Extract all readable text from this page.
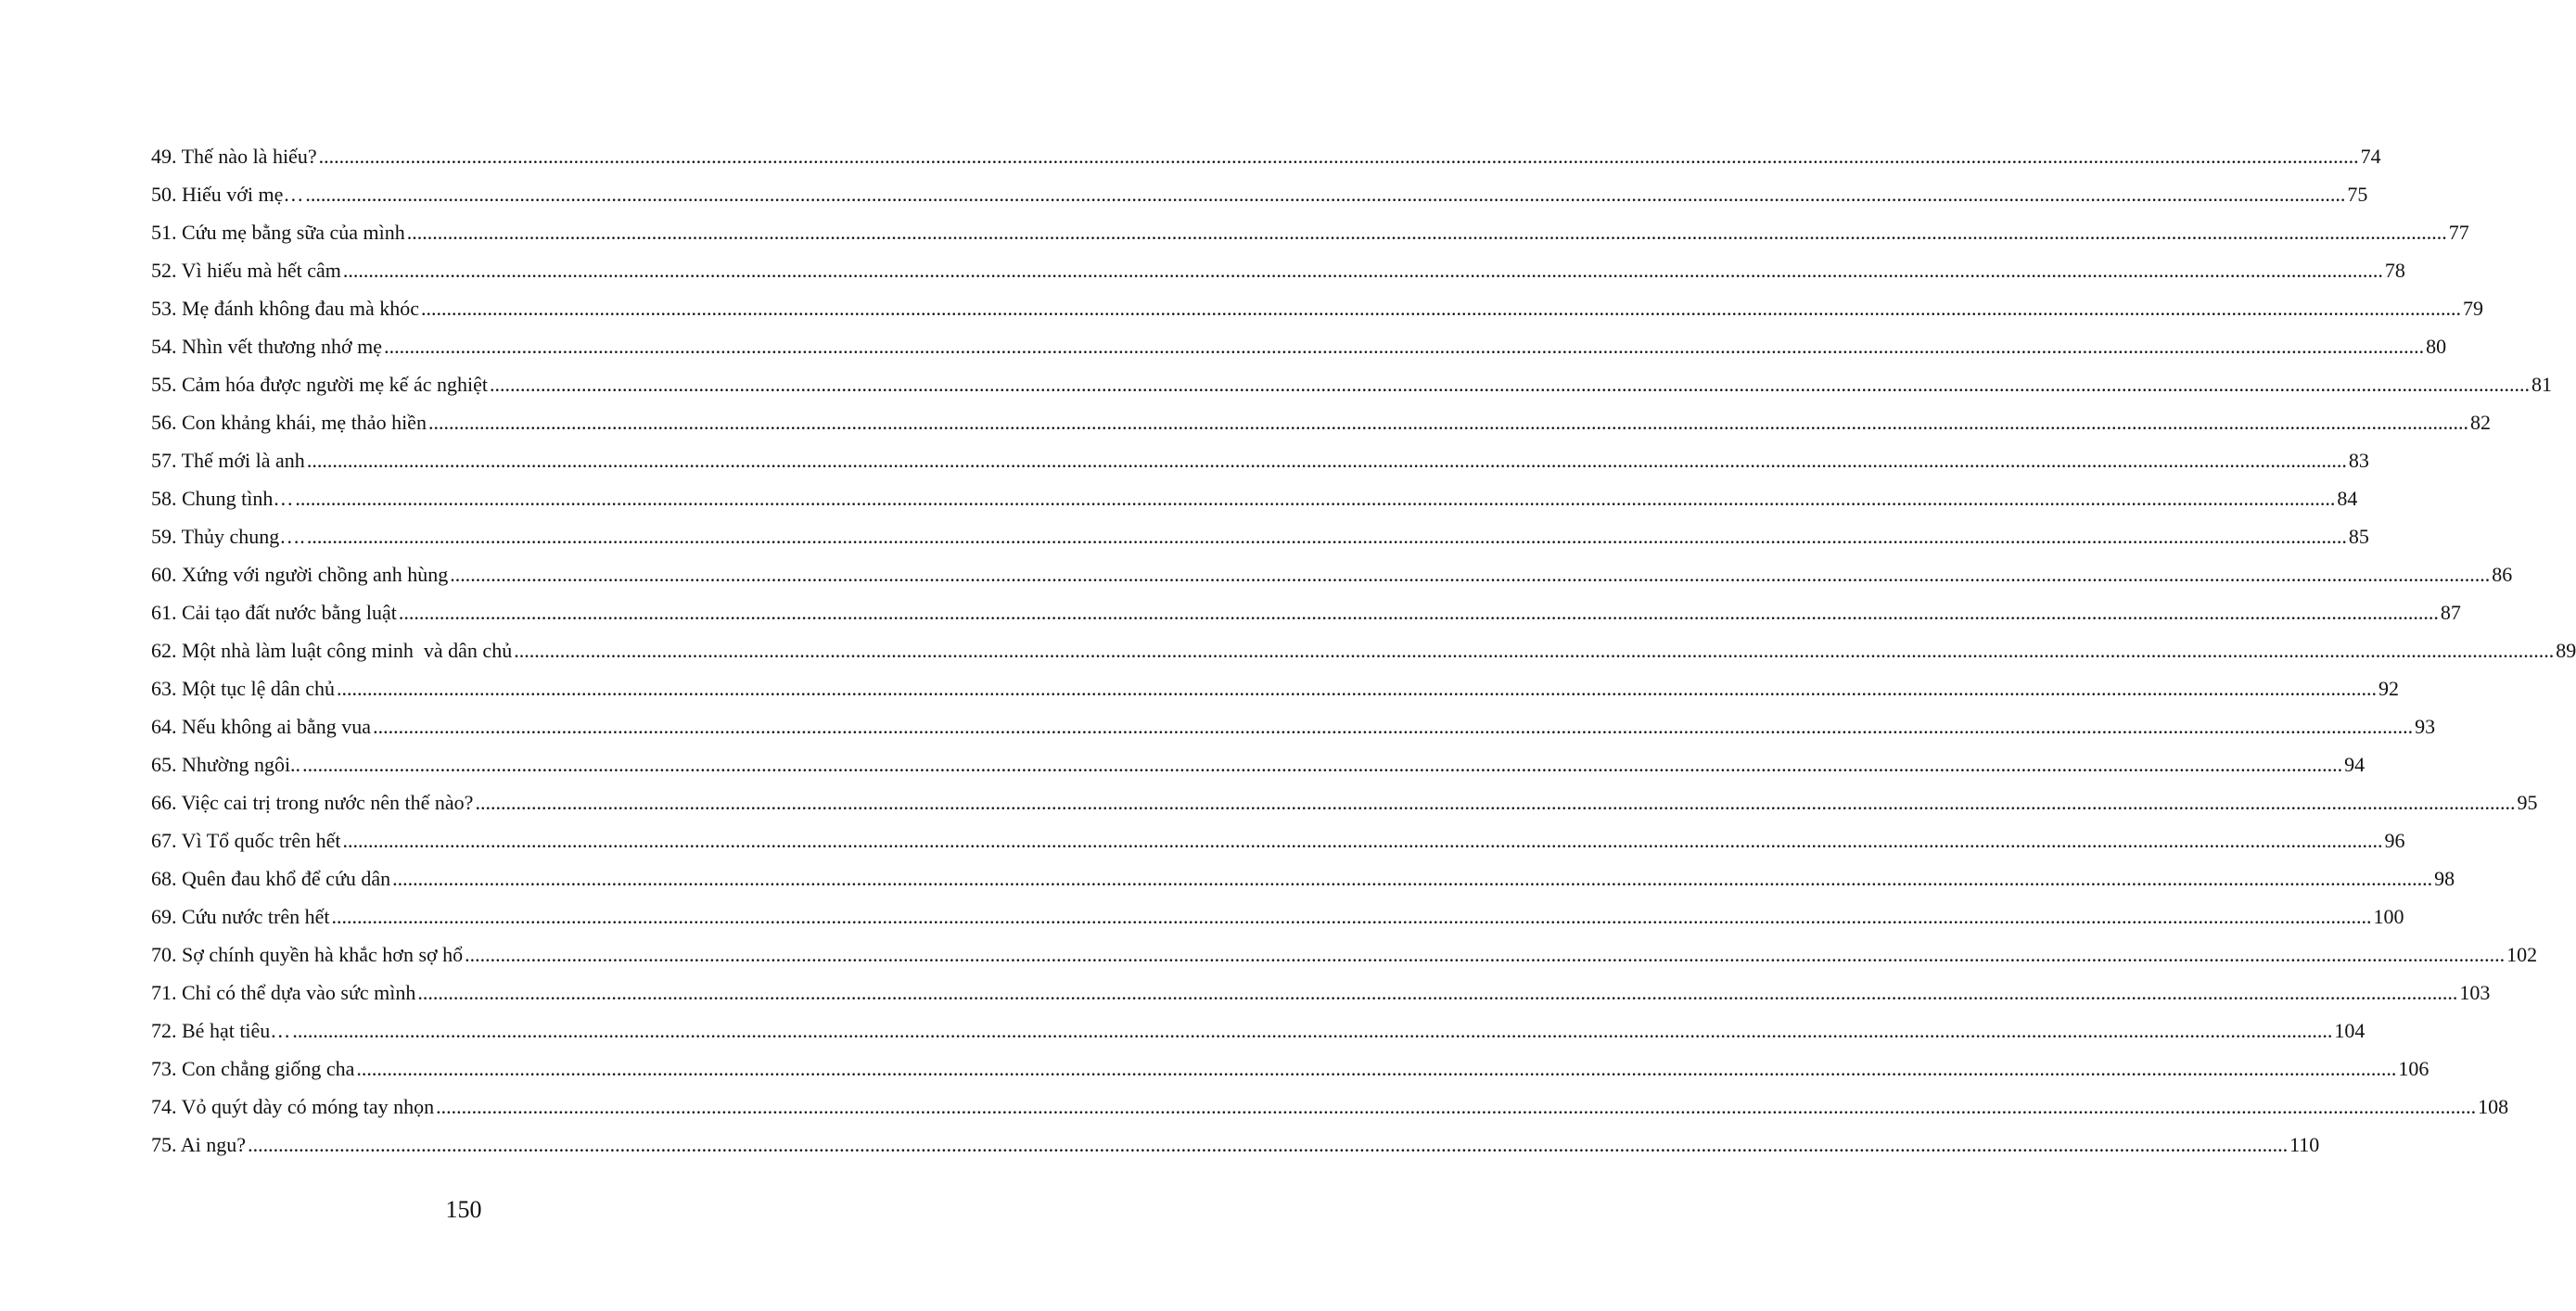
49. Thế nào là hiếu? ................................................................................................................................................................................................................................................................................................................................................................................................................ 74
50. Hiếu với mẹ… ................................................................................................................................................................................................................................................................................................................................................................................................................ 75
51. Cứu mẹ bằng sữa của mình ................................................................................................................................................................................................................................................................................................................................................................................................................ 77
52. Vì hiếu mà hết câm ................................................................................................................................................................................................................................................................................................................................................................................................................ 78
53. Mẹ đánh không đau mà khóc ................................................................................................................................................................................................................................................................................................................................................................................................................ 79
54. Nhìn vết thương nhớ mẹ ................................................................................................................................................................................................................................................................................................................................................................................................................ 80
55. Cảm hóa được người mẹ kế ác nghiệt ................................................................................................................................................................................................................................................................................................................................................................................................................ 81
56. Con khảng khái, mẹ thảo hiền ................................................................................................................................................................................................................................................................................................................................................................................................................ 82
57. Thế mới là anh ................................................................................................................................................................................................................................................................................................................................................................................................................ 83
58. Chung tình… ................................................................................................................................................................................................................................................................................................................................................................................................................ 84
59. Thủy chung…. ................................................................................................................................................................................................................................................................................................................................................................................................................ 85
60. Xứng với người chồng anh hùng ................................................................................................................................................................................................................................................................................................................................................................................................................ 86
61. Cải tạo đất nước bằng luật ................................................................................................................................................................................................................................................................................................................................................................................................................ 87
62. Một nhà làm luật công minh  và dân chủ ................................................................................................................................................................................................................................................................................................................................................................................................................ 89
63. Một tục lệ dân chủ ................................................................................................................................................................................................................................................................................................................................................................................................................ 92
64. Nếu không ai bằng vua ................................................................................................................................................................................................................................................................................................................................................................................................................ 93
65. Nhường ngôi.. ................................................................................................................................................................................................................................................................................................................................................................................................................ 94
66. Việc cai trị trong nước nên thế nào? ................................................................................................................................................................................................................................................................................................................................................................................................................ 95
67. Vì Tổ quốc trên hết ................................................................................................................................................................................................................................................................................................................................................................................................................ 96
68. Quên đau khổ để cứu dân ................................................................................................................................................................................................................................................................................................................................................................................................................ 98
69. Cứu nước trên hết ................................................................................................................................................................................................................................................................................................................................................................................................................ 100
70. Sợ chính quyền hà khắc hơn sợ hổ ................................................................................................................................................................................................................................................................................................................................................................................................................ 102
71. Chỉ có thể dựa vào sức mình ................................................................................................................................................................................................................................................................................................................................................................................................................ 103
72. Bé hạt tiêu… ................................................................................................................................................................................................................................................................................................................................................................................................................ 104
73. Con chẳng giống cha ................................................................................................................................................................................................................................................................................................................................................................................................................ 106
74. Vỏ quýt dày có móng tay nhọn ................................................................................................................................................................................................................................................................................................................................................................................................................ 108
75. Ai ngu? ................................................................................................................................................................................................................................................................................................................................................................................................................ 110
150
